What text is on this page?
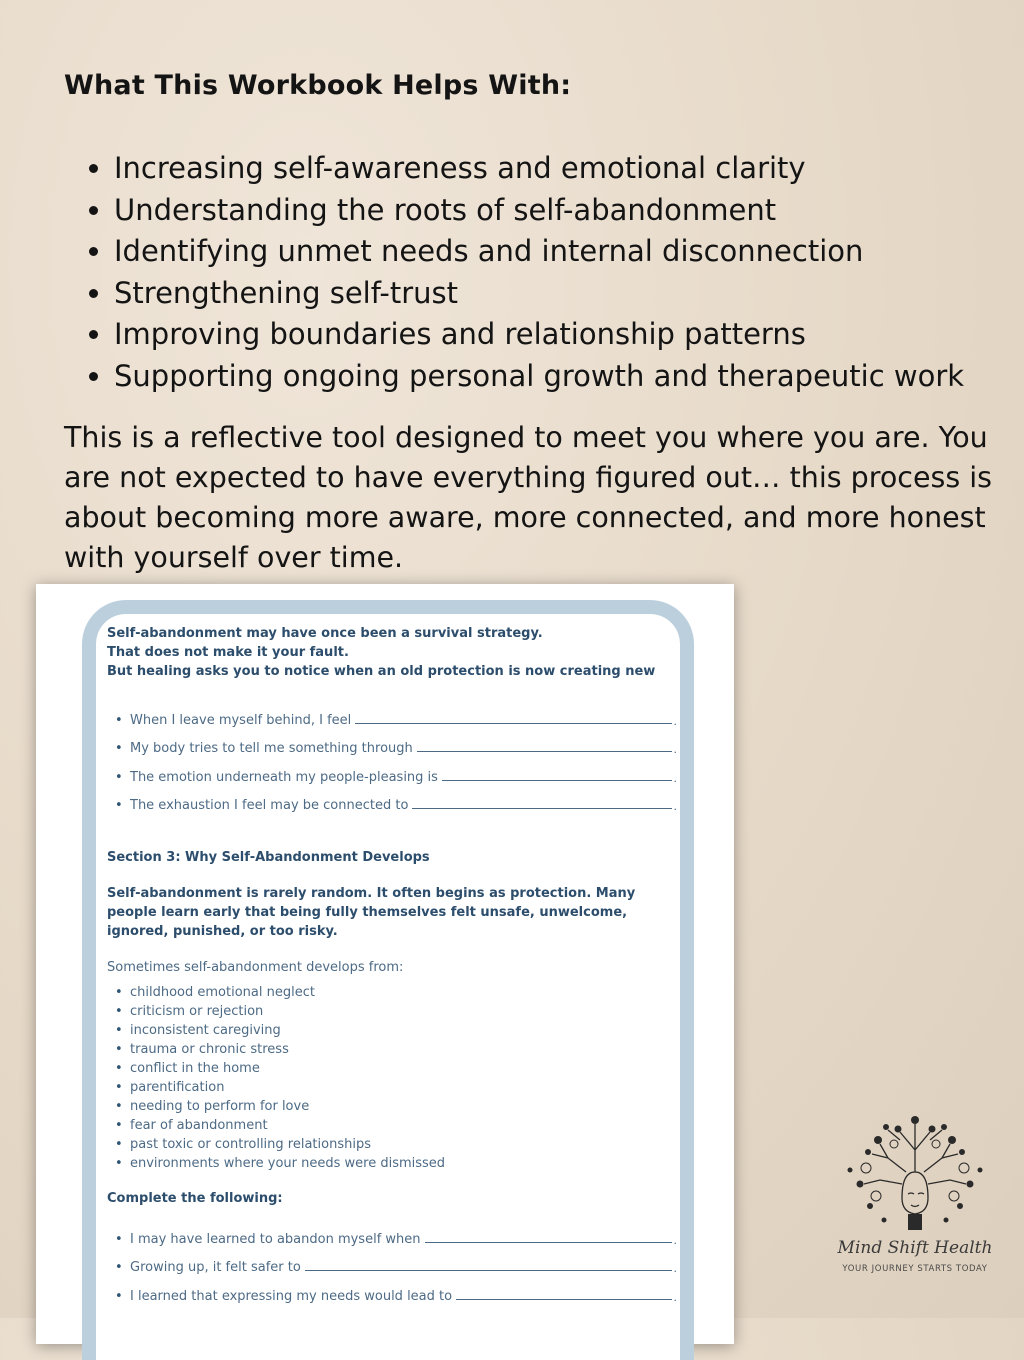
What This Workbook Helps With:
• Increasing self-awareness and emotional clarity
• Understanding the roots of self-abandonment
• Identifying unmet needs and internal disconnection
• Strengthening self-trust
• Improving boundaries and relationship patterns
• Supporting ongoing personal growth and therapeutic work

This is a reflective tool designed to meet you where you are. You are not expected to have everything figured out… this process is about becoming more aware, more connected, and more honest with yourself over time.

Self-abandonment may have once been a survival strategy.

That does not make it your fault.

But healing asks you to notice when an old protection is now creating new

• When I leave myself behind, I feel	.
• My body tries to tell me something through	.
• The emotion underneath my people-pleasing is	.
• The exhaustion I feel may be connected to	.

Section 3: Why Self-Abandonment Develops

Self-abandonment is rarely random. It often begins as protection. Many people learn early that being fully themselves felt unsafe, unwelcome, ignored, punished, or too risky.

Sometimes self-abandonment develops from:

• childhood emotional neglect
• criticism or rejection
• inconsistent caregiving
• trauma or chronic stress
• conflict in the home
• parentification
• needing to perform for love
• fear of abandonment
• past toxic or controlling relationships
• environments where your needs were dismissed

Complete the following:

• I may have learned to abandon myself when	.
• Growing up, it felt safer to	.
• I learned that expressing my needs would lead to	.
Mind Shift Health
YOUR JOURNEY STARTS TODAY
